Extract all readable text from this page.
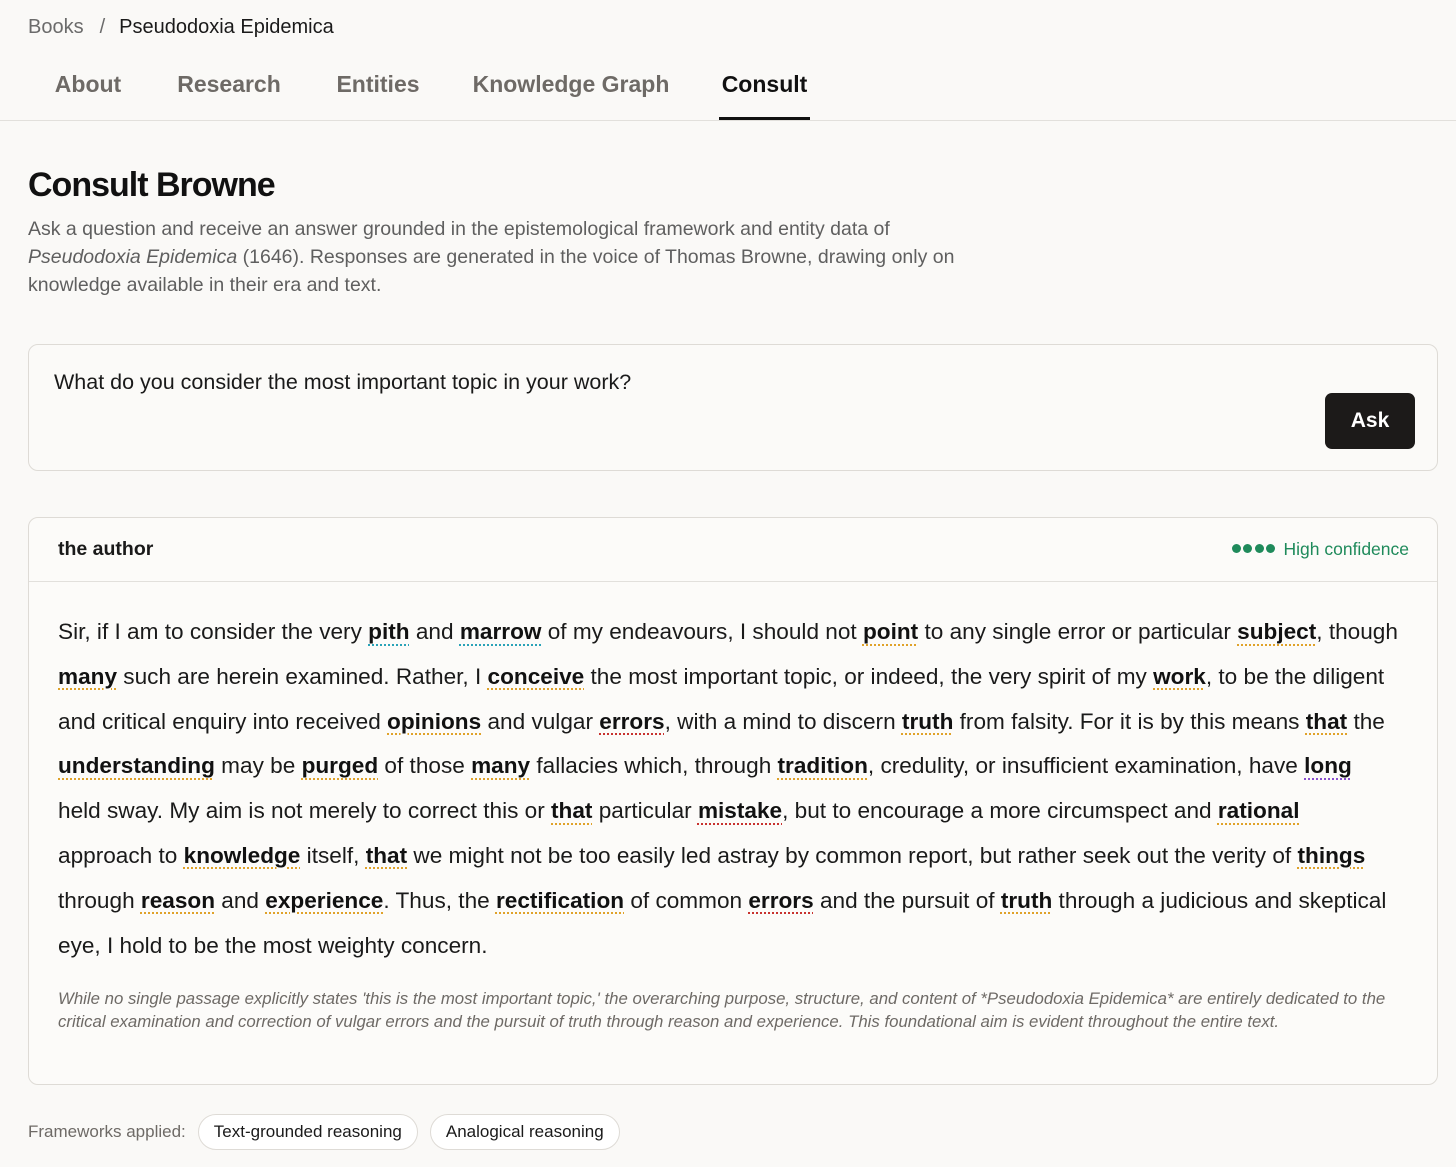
Books / Pseudodoxia Epidemica
About	Research	Entities	Knowledge Graph Consult
Consult Browne
Ask a question and receive an answer grounded in the epistemological framework and entity data of Pseudodoxia Epidemica (1646). Responses are generated in the voice of Thomas Browne, drawing only on knowledge available in their era and text.
What do you consider the most important topic in your work?
Ask
the author	High confidence
Sir, if I am to consider the very pith and marrow of my endeavours, I should not point to any single error or particular subject, though many such are herein examined. Rather, I conceive the most important topic, or indeed, the very spirit of my work, to be the diligent and critical enquiry into received opinions and vulgar errors, with a mind to discern truth from falsity. For it is by this means that the understanding may be purged of those many fallacies which, through tradition, credulity, or insufficient examination, have long held sway. My aim is not merely to correct this or that particular mistake, but to encourage a more circumspect and rational approach to knowledge itself, that we might not be too easily led astray by common report, but rather seek out the verity of things through reason and experience. Thus, the rectification of common errors and the pursuit of truth through a judicious and skeptical eye, I hold to be the most weighty concern.
While no single passage explicitly states 'this is the most important topic,' the overarching purpose, structure, and content of *Pseudodoxia Epidemica* are entirely dedicated to the critical examination and correction of vulgar errors and the pursuit of truth through reason and experience. This foundational aim is evident throughout the entire text.
Frameworks applied:	Text-grounded reasoning	Analogical reasoning
